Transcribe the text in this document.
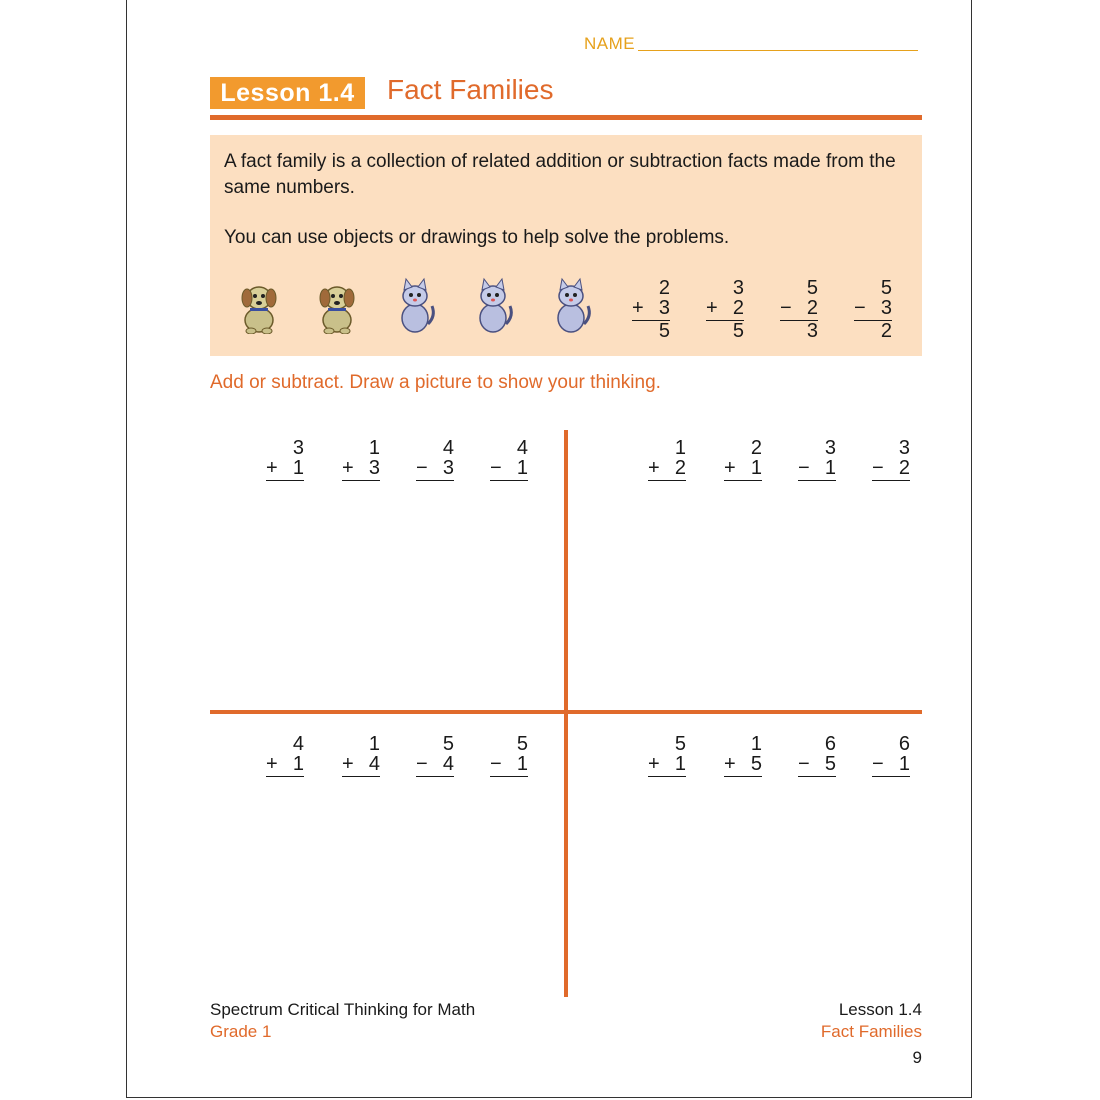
NAME
Lesson 1.4	Fact Families
A fact family is a collection of related addition or subtraction facts made from the same numbers.
You can use objects or drawings to help solve the problems.
2
+ 3
5
3
+ 2
5
5
− 2
3
5
− 3
2
Add or subtract. Draw a picture to show your thinking.
3
+ 1
1
+ 3
4
− 3
4
− 1
1
+ 2
2
+ 1
3
− 1
3
− 2
4
+ 1
1
+ 4
5
− 4
5
− 1
5
+ 1
1
+ 5
6
− 5
6
− 1
Spectrum Critical Thinking for Math
Grade 1
Lesson 1.4
Fact Families
9
